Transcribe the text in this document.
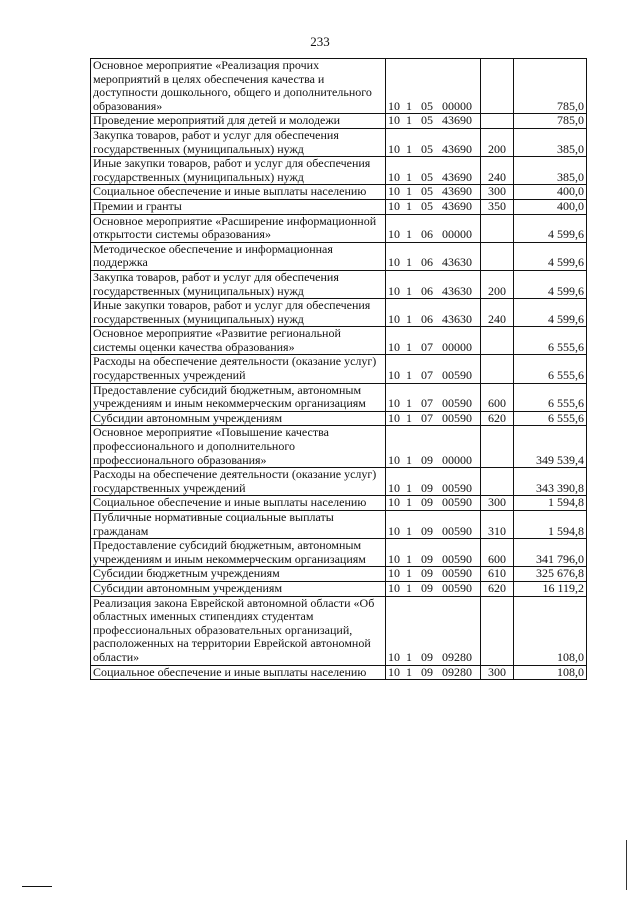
233
Основное мероприятие «Реализация прочих мероприятий в целях обеспечения качества и доступности дошкольного, общего и дополнительного образования»	10  1   05   00000		785,0
Проведение мероприятий для детей и молодежи	10  1   05   43690		785,0
Закупка товаров, работ и услуг для обеспечения государственных (муниципальных) нужд	10  1   05   43690	200	385,0
Иные закупки товаров, работ и услуг для обеспечения государственных (муниципальных) нужд	10  1   05   43690	240	385,0
Социальное обеспечение и иные выплаты населению	10  1   05   43690	300	400,0
Премии и гранты	10  1   05   43690	350	400,0
Основное мероприятие «Расширение информационной открытости системы образования»	10  1   06   00000		4 599,6
Методическое обеспечение и информационная поддержка	10  1   06   43630		4 599,6
Закупка товаров, работ и услуг для обеспечения государственных (муниципальных) нужд	10  1   06   43630	200	4 599,6
Иные закупки товаров, работ и услуг для обеспечения государственных (муниципальных) нужд	10  1   06   43630	240	4 599,6
Основное мероприятие «Развитие региональной системы оценки качества образования»	10  1   07   00000		6 555,6
Расходы на обеспечение деятельности (оказание услуг) государственных учреждений	10  1   07   00590		6 555,6
Предоставление субсидий бюджетным, автономным учреждениям и иным некоммерческим организациям	10  1   07   00590	600	6 555,6
Субсидии автономным учреждениям	10  1   07   00590	620	6 555,6
Основное мероприятие «Повышение качества профессионального и дополнительного профессионального образования»	10  1   09   00000		349 539,4
Расходы на обеспечение деятельности (оказание услуг) государственных учреждений	10  1   09   00590		343 390,8
Социальное обеспечение и иные выплаты населению	10  1   09   00590	300	1 594,8
Публичные нормативные социальные выплаты гражданам	10  1   09   00590	310	1 594,8
Предоставление субсидий бюджетным, автономным учреждениям и иным некоммерческим организациям	10  1   09   00590	600	341 796,0
Субсидии бюджетным учреждениям	10  1   09   00590	610	325 676,8
Субсидии автономным учреждениям	10  1   09   00590	620	16 119,2
Реализация закона Еврейской автономной области «Об областных именных стипендиях студентам профессиональных образовательных организаций, расположенных на территории Еврейской автономной области»	10  1   09   09280		108,0
Социальное обеспечение и иные выплаты населению	10  1   09   09280	300	108,0
